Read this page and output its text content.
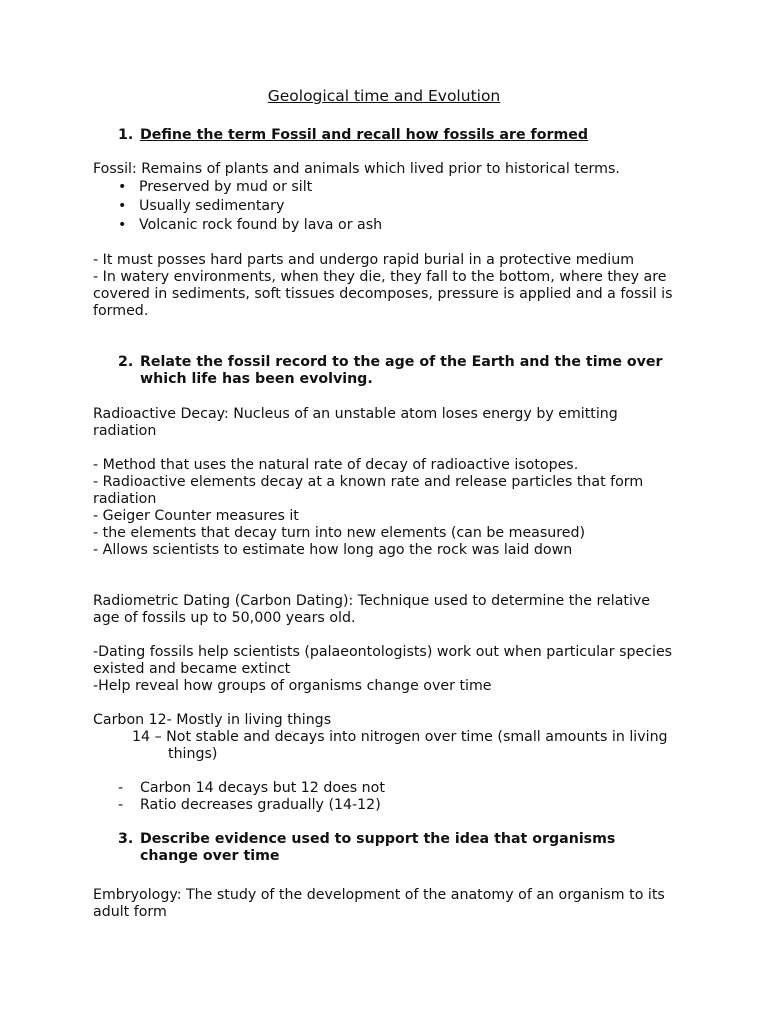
Geological time and Evolution

1. Define the term Fossil and recall how fossils are formed

Fossil: Remains of plants and animals which lived prior to historical terms.

• Preserved by mud or silt
• Usually sedimentary
• Volcanic rock found by lava or ash

- It must posses hard parts and undergo rapid burial in a protective medium

- In watery environments, when they die, they fall to the bottom, where they are covered in sediments, soft tissues decomposes, pressure is applied and a fossil is formed.

2. Relate the fossil record to the age of the Earth and the time over which life has been evolving.

Radioactive Decay: Nucleus of an unstable atom loses energy by emitting radiation

- Method that uses the natural rate of decay of radioactive isotopes.

- Radioactive elements decay at a known rate and release particles that form radiation

- Geiger Counter measures it

- the elements that decay turn into new elements (can be measured)

- Allows scientists to estimate how long ago the rock was laid down

Radiometric Dating (Carbon Dating): Technique used to determine the relative age of fossils up to 50,000 years old.

-Dating fossils help scientists (palaeontologists) work out when particular species existed and became extinct

-Help reveal how groups of organisms change over time

Carbon 12- Mostly in living things

14 – Not stable and decays into nitrogen over time (small amounts in living things)

- Carbon 14 decays but 12 does not
- Ratio decreases gradually (14-12)

3. Describe evidence used to support the idea that organisms change over time

Embryology: The study of the development of the anatomy of an organism to its adult form
